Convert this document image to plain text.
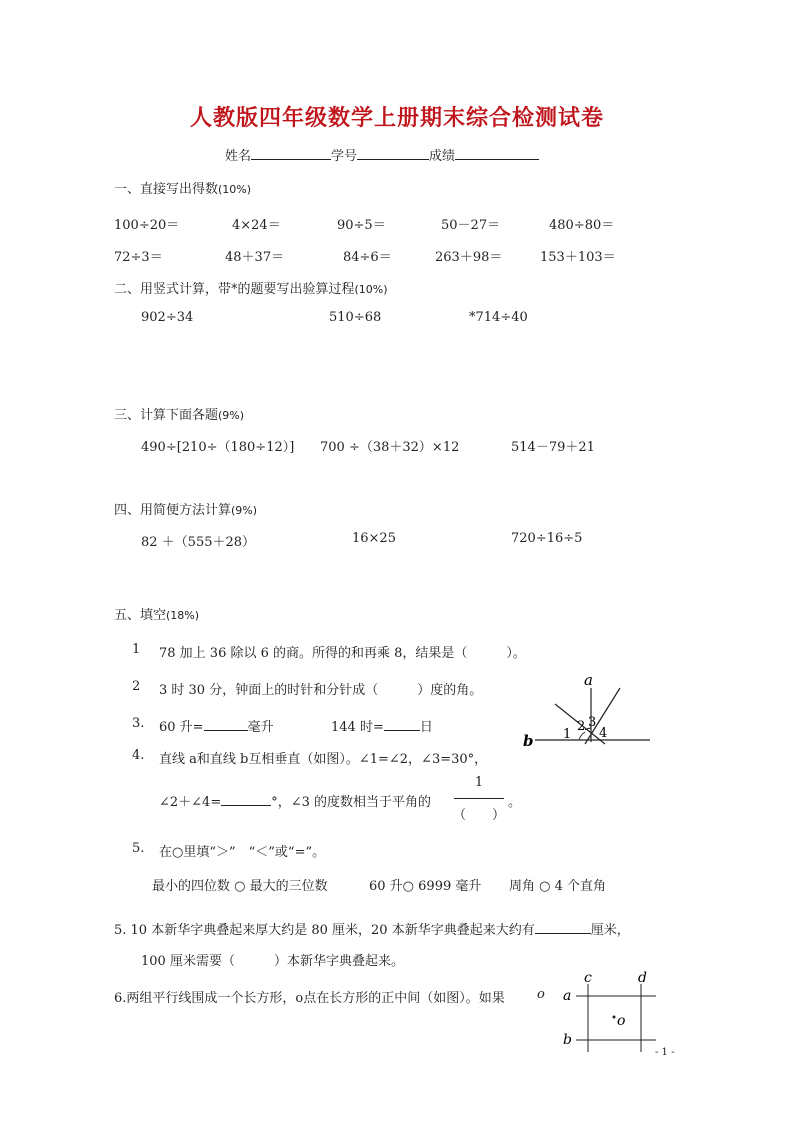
人教版四年级数学上册期末综合检测试卷
姓名	学号	成绩
一、直接写出得数(10%)
100÷20＝	4×24＝	90÷5＝	50－27＝	480÷80＝
72÷3＝	48＋37＝	84÷6＝	263＋98＝	153＋103＝
二、用竖式计算，带*的题要写出验算过程(10%)
902÷34	510÷68	*714÷40
三、计算下面各题(9%)
490÷[210÷（180÷12）] 700 ÷（38＋32）×12	514－79＋21
四、用简便方法计算(9%)
82 ＋（555＋28）	16×25	720÷16÷5
五、填空(18%)
1 78 加上 36 除以 6 的商。所得的和再乘 8，结果是（　　　）。
2 3 时 30 分，钟面上的时针和分针成（　　　）度的角。
3. 60 升=	毫升	144 时=	日
4. 直线 a和直线 b互相垂直（如图）。∠1=∠2，∠3=30°，
∠2＋∠4=	°，∠3 的度数相当于平角的
1
（　　）
。
5. 在○里填“＞”　“＜”或“=”。
最小的四位数 ○ 最大的三位数	60 升○ 6999 毫升 周角 ○ 4 个直角
5. 10 本新华字典叠起来厚大约是 80 厘米，20 本新华字典叠起来大约有	厘米，
100 厘米需要（　　　）本新华字典叠起来。
6.两组平行线围成一个长方形，o点在长方形的正中间（如图）。如果 o
a
b 1
2 3
4
a
b
c	d
o
- 1 -
